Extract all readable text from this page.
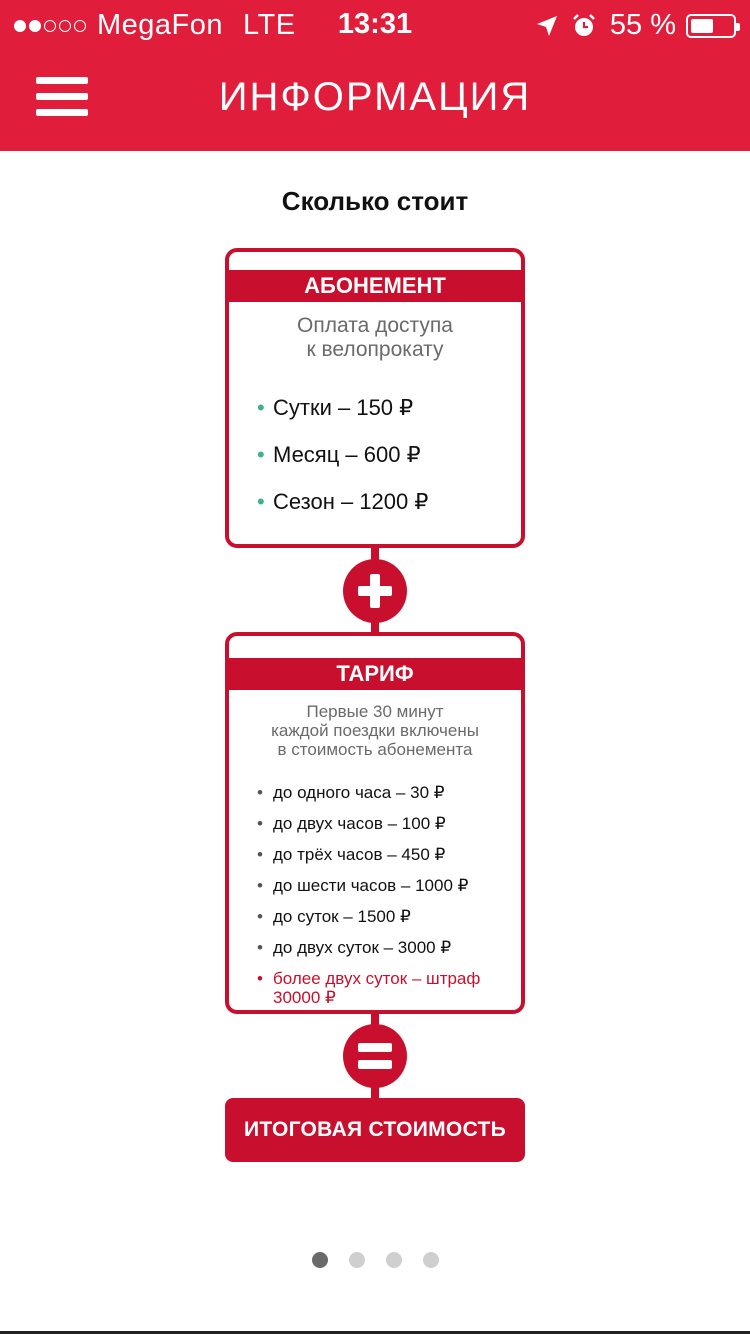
MegaFon LTE	13:31	55 %
ИНФОРМАЦИЯ
Сколько стоит
АБОНЕМЕНТ
Оплата доступа
к велопрокату
• Сутки – 150 ₽
• Месяц – 600 ₽
• Сезон – 1200 ₽
ТАРИФ
Первые 30 минут
каждой поездки включены
в стоимость абонемента
• до одного часа – 30 ₽
• до двух часов – 100 ₽
• до трёх часов – 450 ₽
• до шести часов – 1000 ₽
• до суток – 1500 ₽
• до двух суток – 3000 ₽
• более двух суток – штраф 30000 ₽
ИТОГОВАЯ СТОИМОСТЬ
